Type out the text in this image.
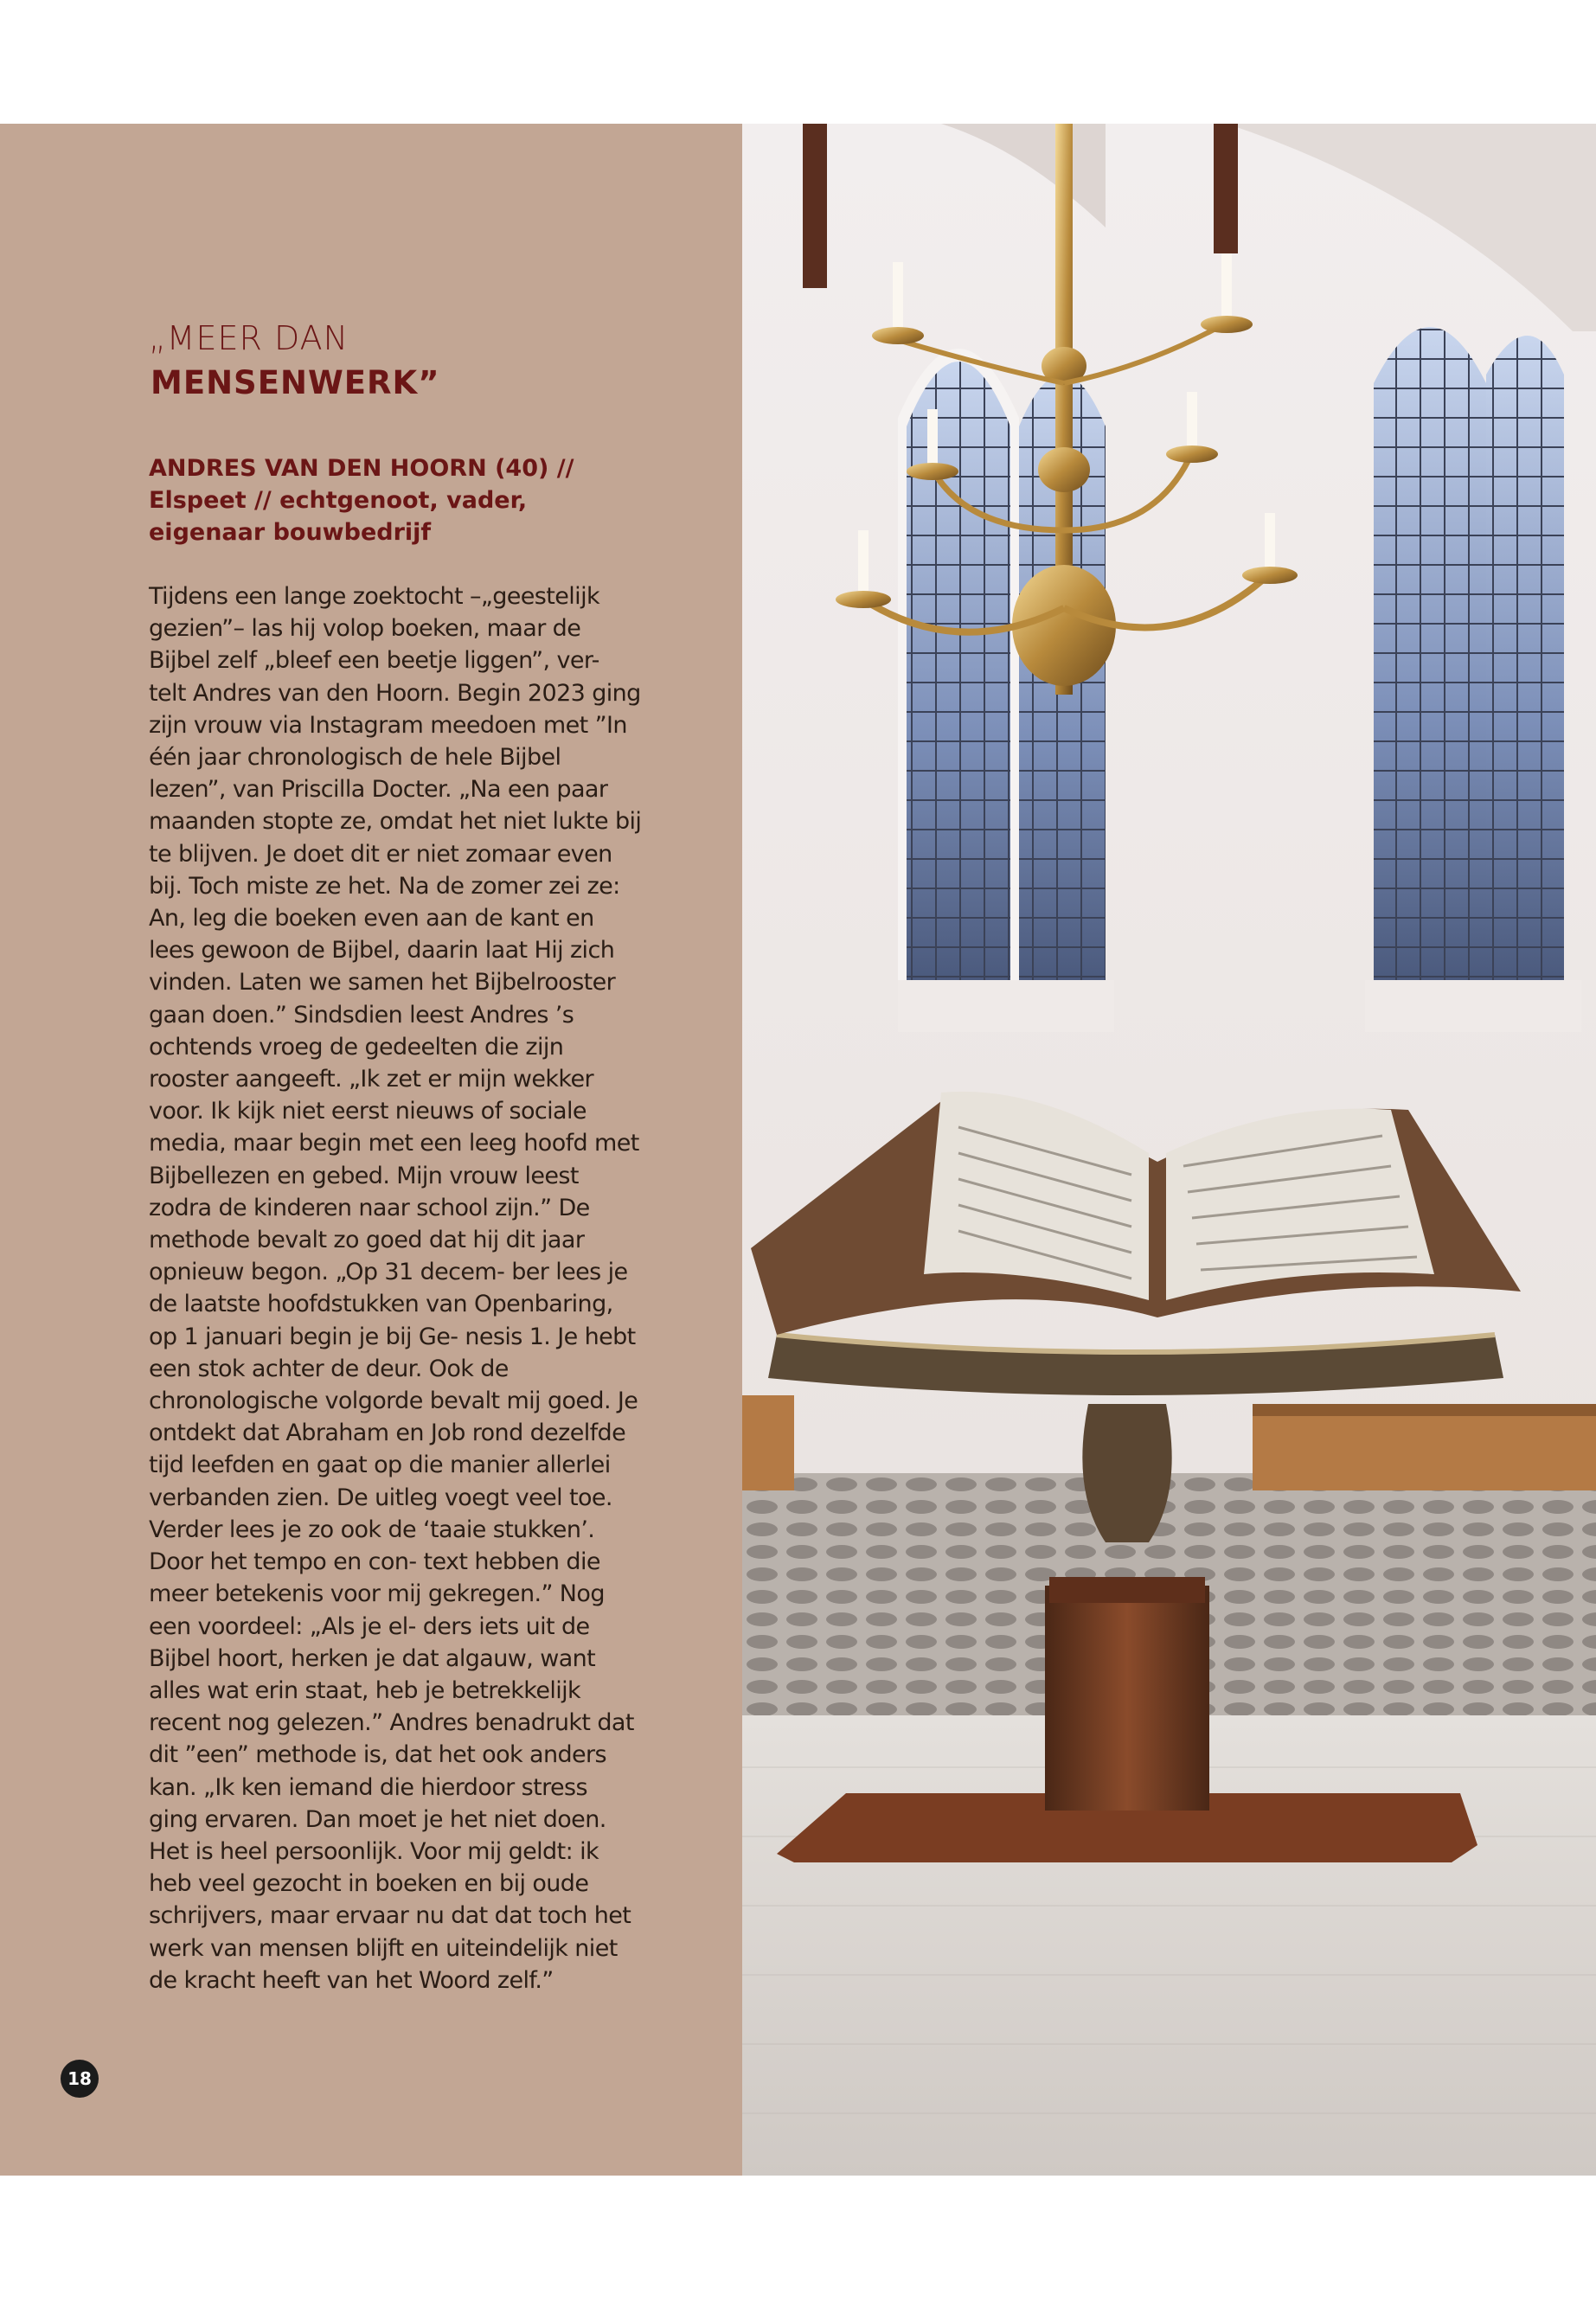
„MEER DAN
MENSENWERK”

ANDRES VAN DEN HOORN (40) // Elspeet // echtgenoot, vader, eigenaar bouwbedrijf

Tijdens een lange zoektocht –„geestelijk gezien”– las hij volop boeken, maar de Bijbel zelf „bleef een beetje liggen”, ver- telt Andres van den Hoorn. Begin 2023 ging zijn vrouw via Instagram meedoen met ”In één jaar chronologisch de hele Bijbel lezen”, van Priscilla Docter. „Na een paar maanden stopte ze, omdat het niet lukte bij te blijven. Je doet dit er niet zomaar even bij. Toch miste ze het. Na de zomer zei ze: An, leg die boeken even aan de kant en lees gewoon de Bijbel, daarin laat Hij zich vinden. Laten we samen het Bijbelrooster gaan doen.” Sindsdien leest Andres ’s ochtends vroeg de gedeelten die zijn rooster aangeeft. „Ik zet er mijn wekker voor. Ik kijk niet eerst nieuws of sociale media, maar begin met een leeg hoofd met Bijbellezen en gebed. Mijn vrouw leest zodra de kinderen naar school zijn.” De methode bevalt zo goed dat hij dit jaar opnieuw begon. „Op 31 decem- ber lees je de laatste hoofdstukken van Openbaring, op 1 januari begin je bij Ge- nesis 1. Je hebt een stok achter de deur. Ook de chronologische volgorde bevalt mij goed. Je ontdekt dat Abraham en Job rond dezelfde tijd leefden en gaat op die manier allerlei verbanden zien. De uitleg voegt veel toe. Verder lees je zo ook de ‘taaie stukken’. Door het tempo en con- text hebben die meer betekenis voor mij gekregen.” Nog een voordeel: „Als je el- ders iets uit de Bijbel hoort, herken je dat algauw, want alles wat erin staat, heb je betrekkelijk recent nog gelezen.” Andres benadrukt dat dit ”een” methode is, dat het ook anders kan. „Ik ken iemand die hierdoor stress ging ervaren. Dan moet je het niet doen. Het is heel persoonlijk. Voor mij geldt: ik heb veel gezocht in boeken en bij oude schrijvers, maar ervaar nu dat dat toch het werk van mensen blijft en uiteindelijk niet de kracht heeft van het Woord zelf.”

18
